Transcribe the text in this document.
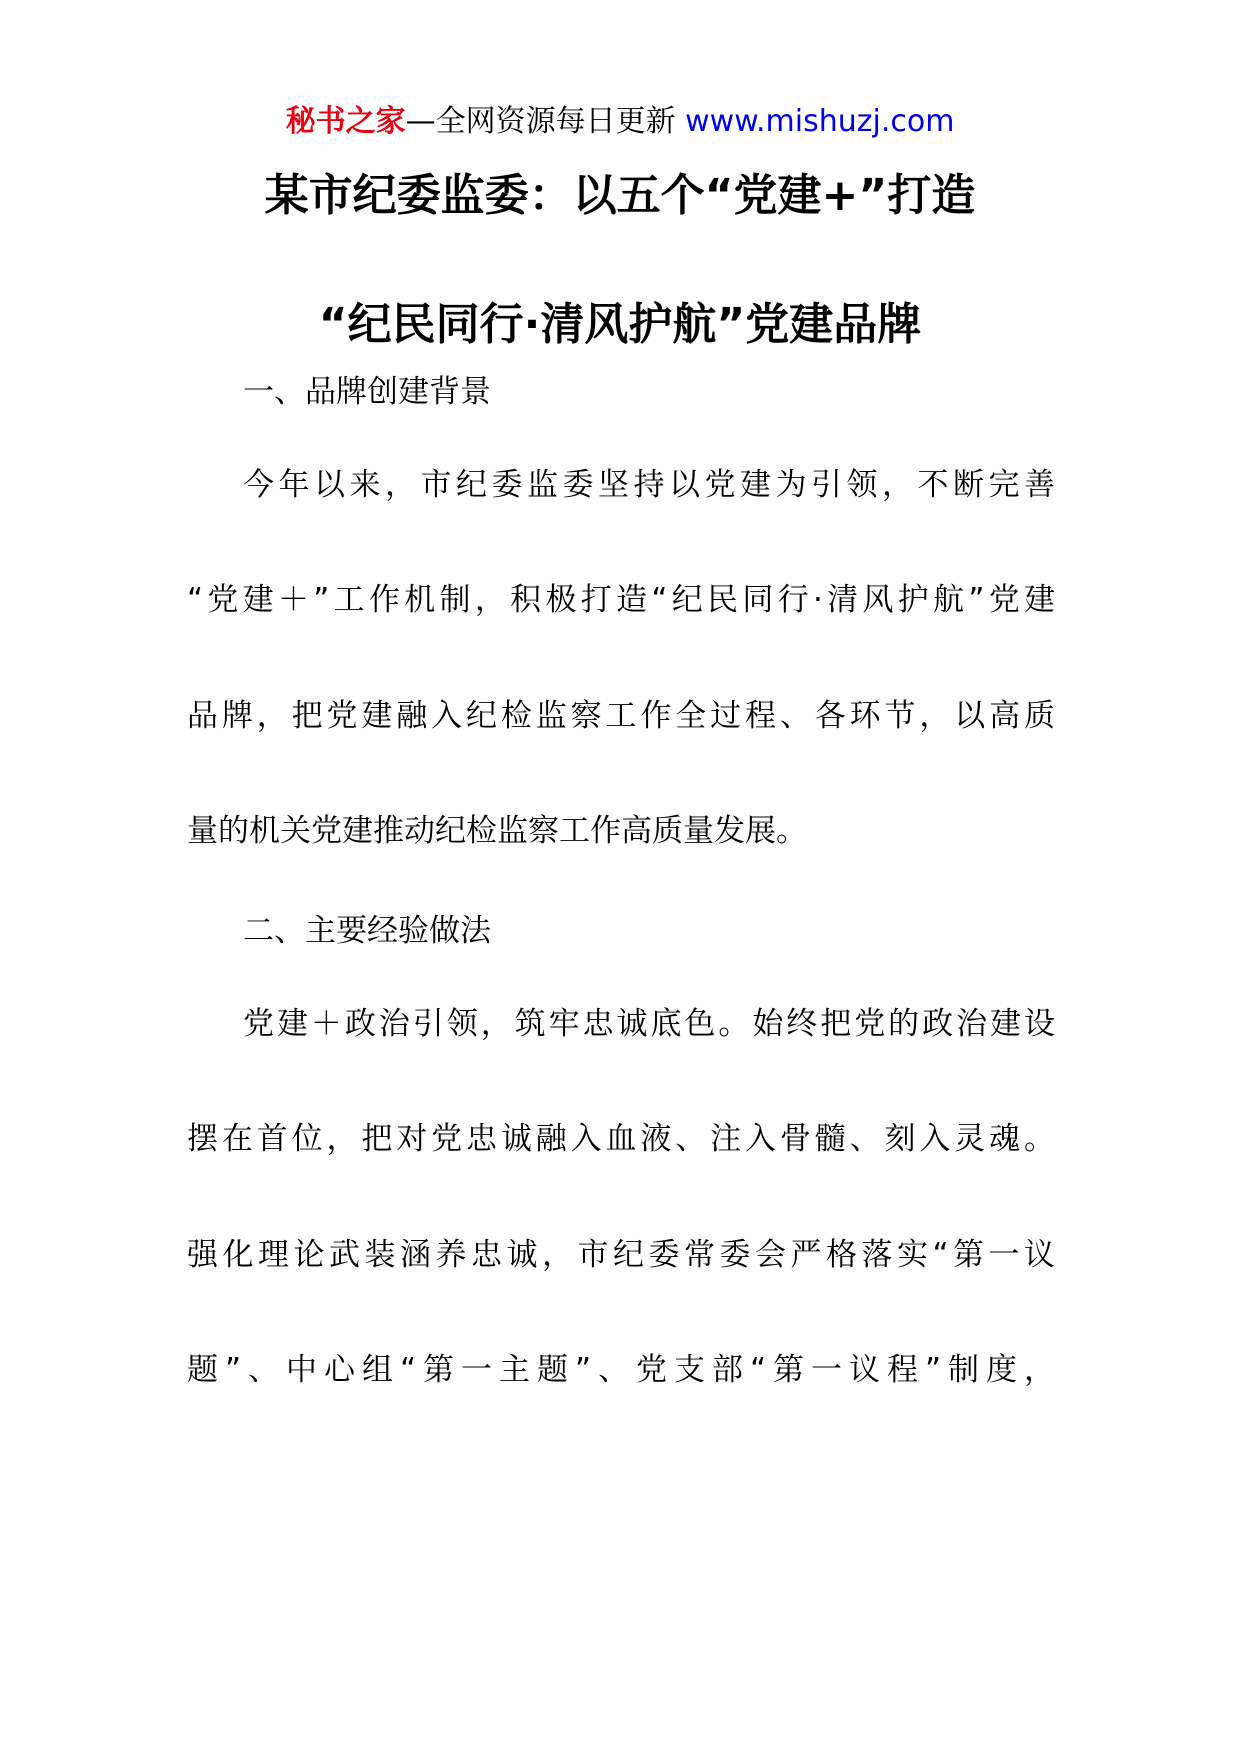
秘书之家—全网资源每日更新 www.mishuzj.com
某市纪委监委：以五个“党建+”打造
“纪民同行·清风护航”党建品牌
一、品牌创建背景
今年以来，市纪委监委坚持以党建为引领，不断完善
“党建＋”工作机制，积极打造“纪民同行·清风护航”党建
品牌，把党建融入纪检监察工作全过程、各环节，以高质
量的机关党建推动纪检监察工作高质量发展。
二、主要经验做法
党建＋政治引领，筑牢忠诚底色。始终把党的政治建设
摆在首位，把对党忠诚融入血液、注入骨髓、刻入灵魂。
强化理论武装涵养忠诚，市纪委常委会严格落实“第一议
题”、中心组“第一主题”、党支部“第一议程”制度，
